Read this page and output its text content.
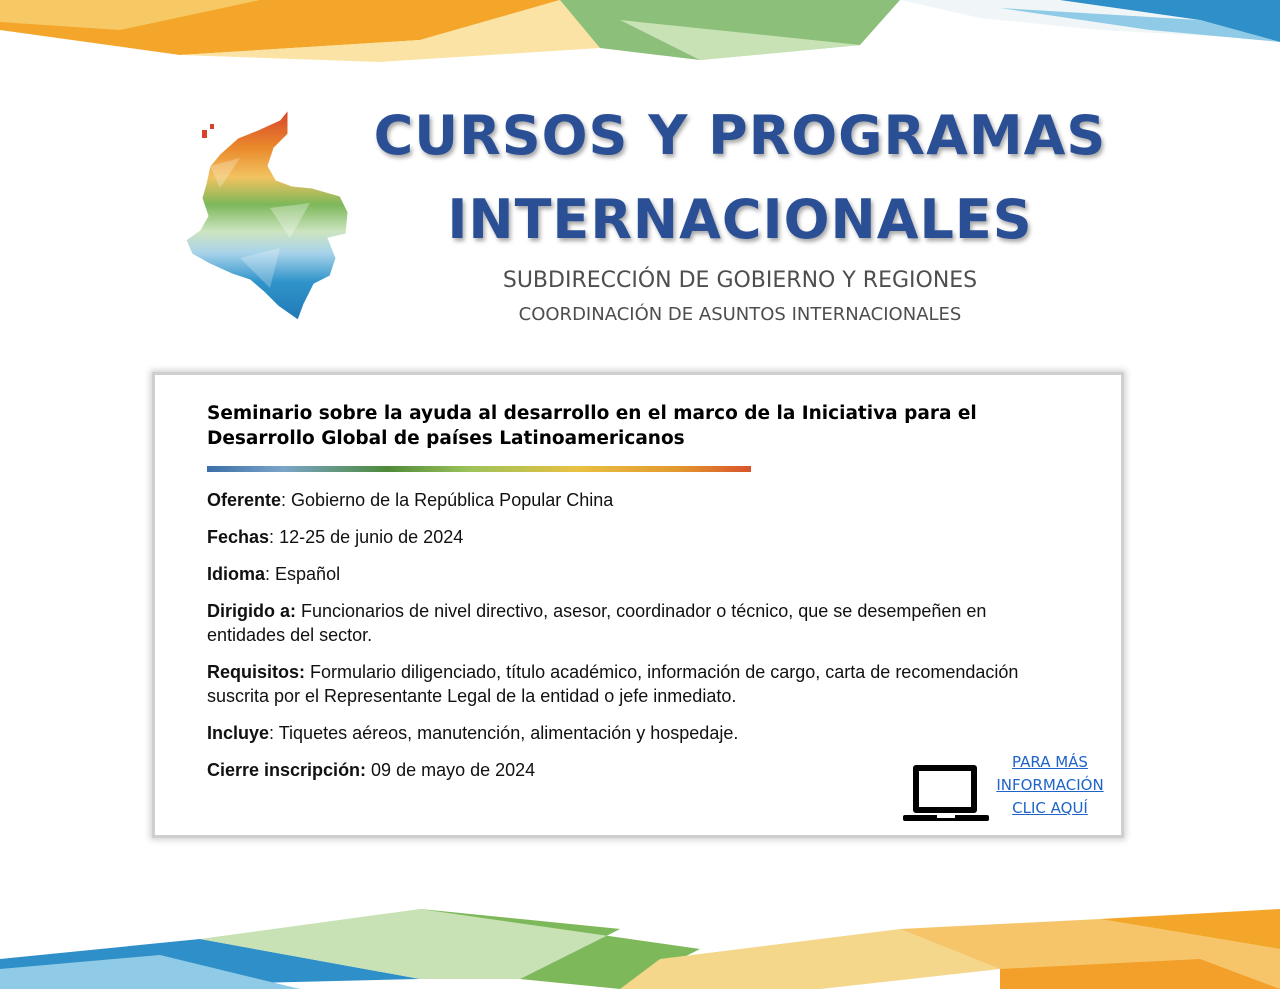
CURSOS Y PROGRAMAS
INTERNACIONALES

SUBDIRECCIÓN DE GOBIERNO Y REGIONES

COORDINACIÓN DE ASUNTOS INTERNACIONALES

Seminario sobre la ayuda al desarrollo en el marco de la Iniciativa para el Desarrollo Global de países Latinoamericanos

Oferente: Gobierno de la República Popular China

Fechas: 12-25 de junio de 2024

Idioma: Español

Dirigido a: Funcionarios de nivel directivo, asesor, coordinador o técnico, que se desempeñen en entidades del sector.

Requisitos: Formulario diligenciado, título académico, información de cargo, carta de recomendación suscrita por el Representante Legal de la entidad o jefe inmediato.

Incluye: Tiquetes aéreos, manutención, alimentación y hospedaje.

Cierre inscripción: 09 de mayo de 2024	PARA MÁS
INFORMACIÓN
CLIC AQUÍ
